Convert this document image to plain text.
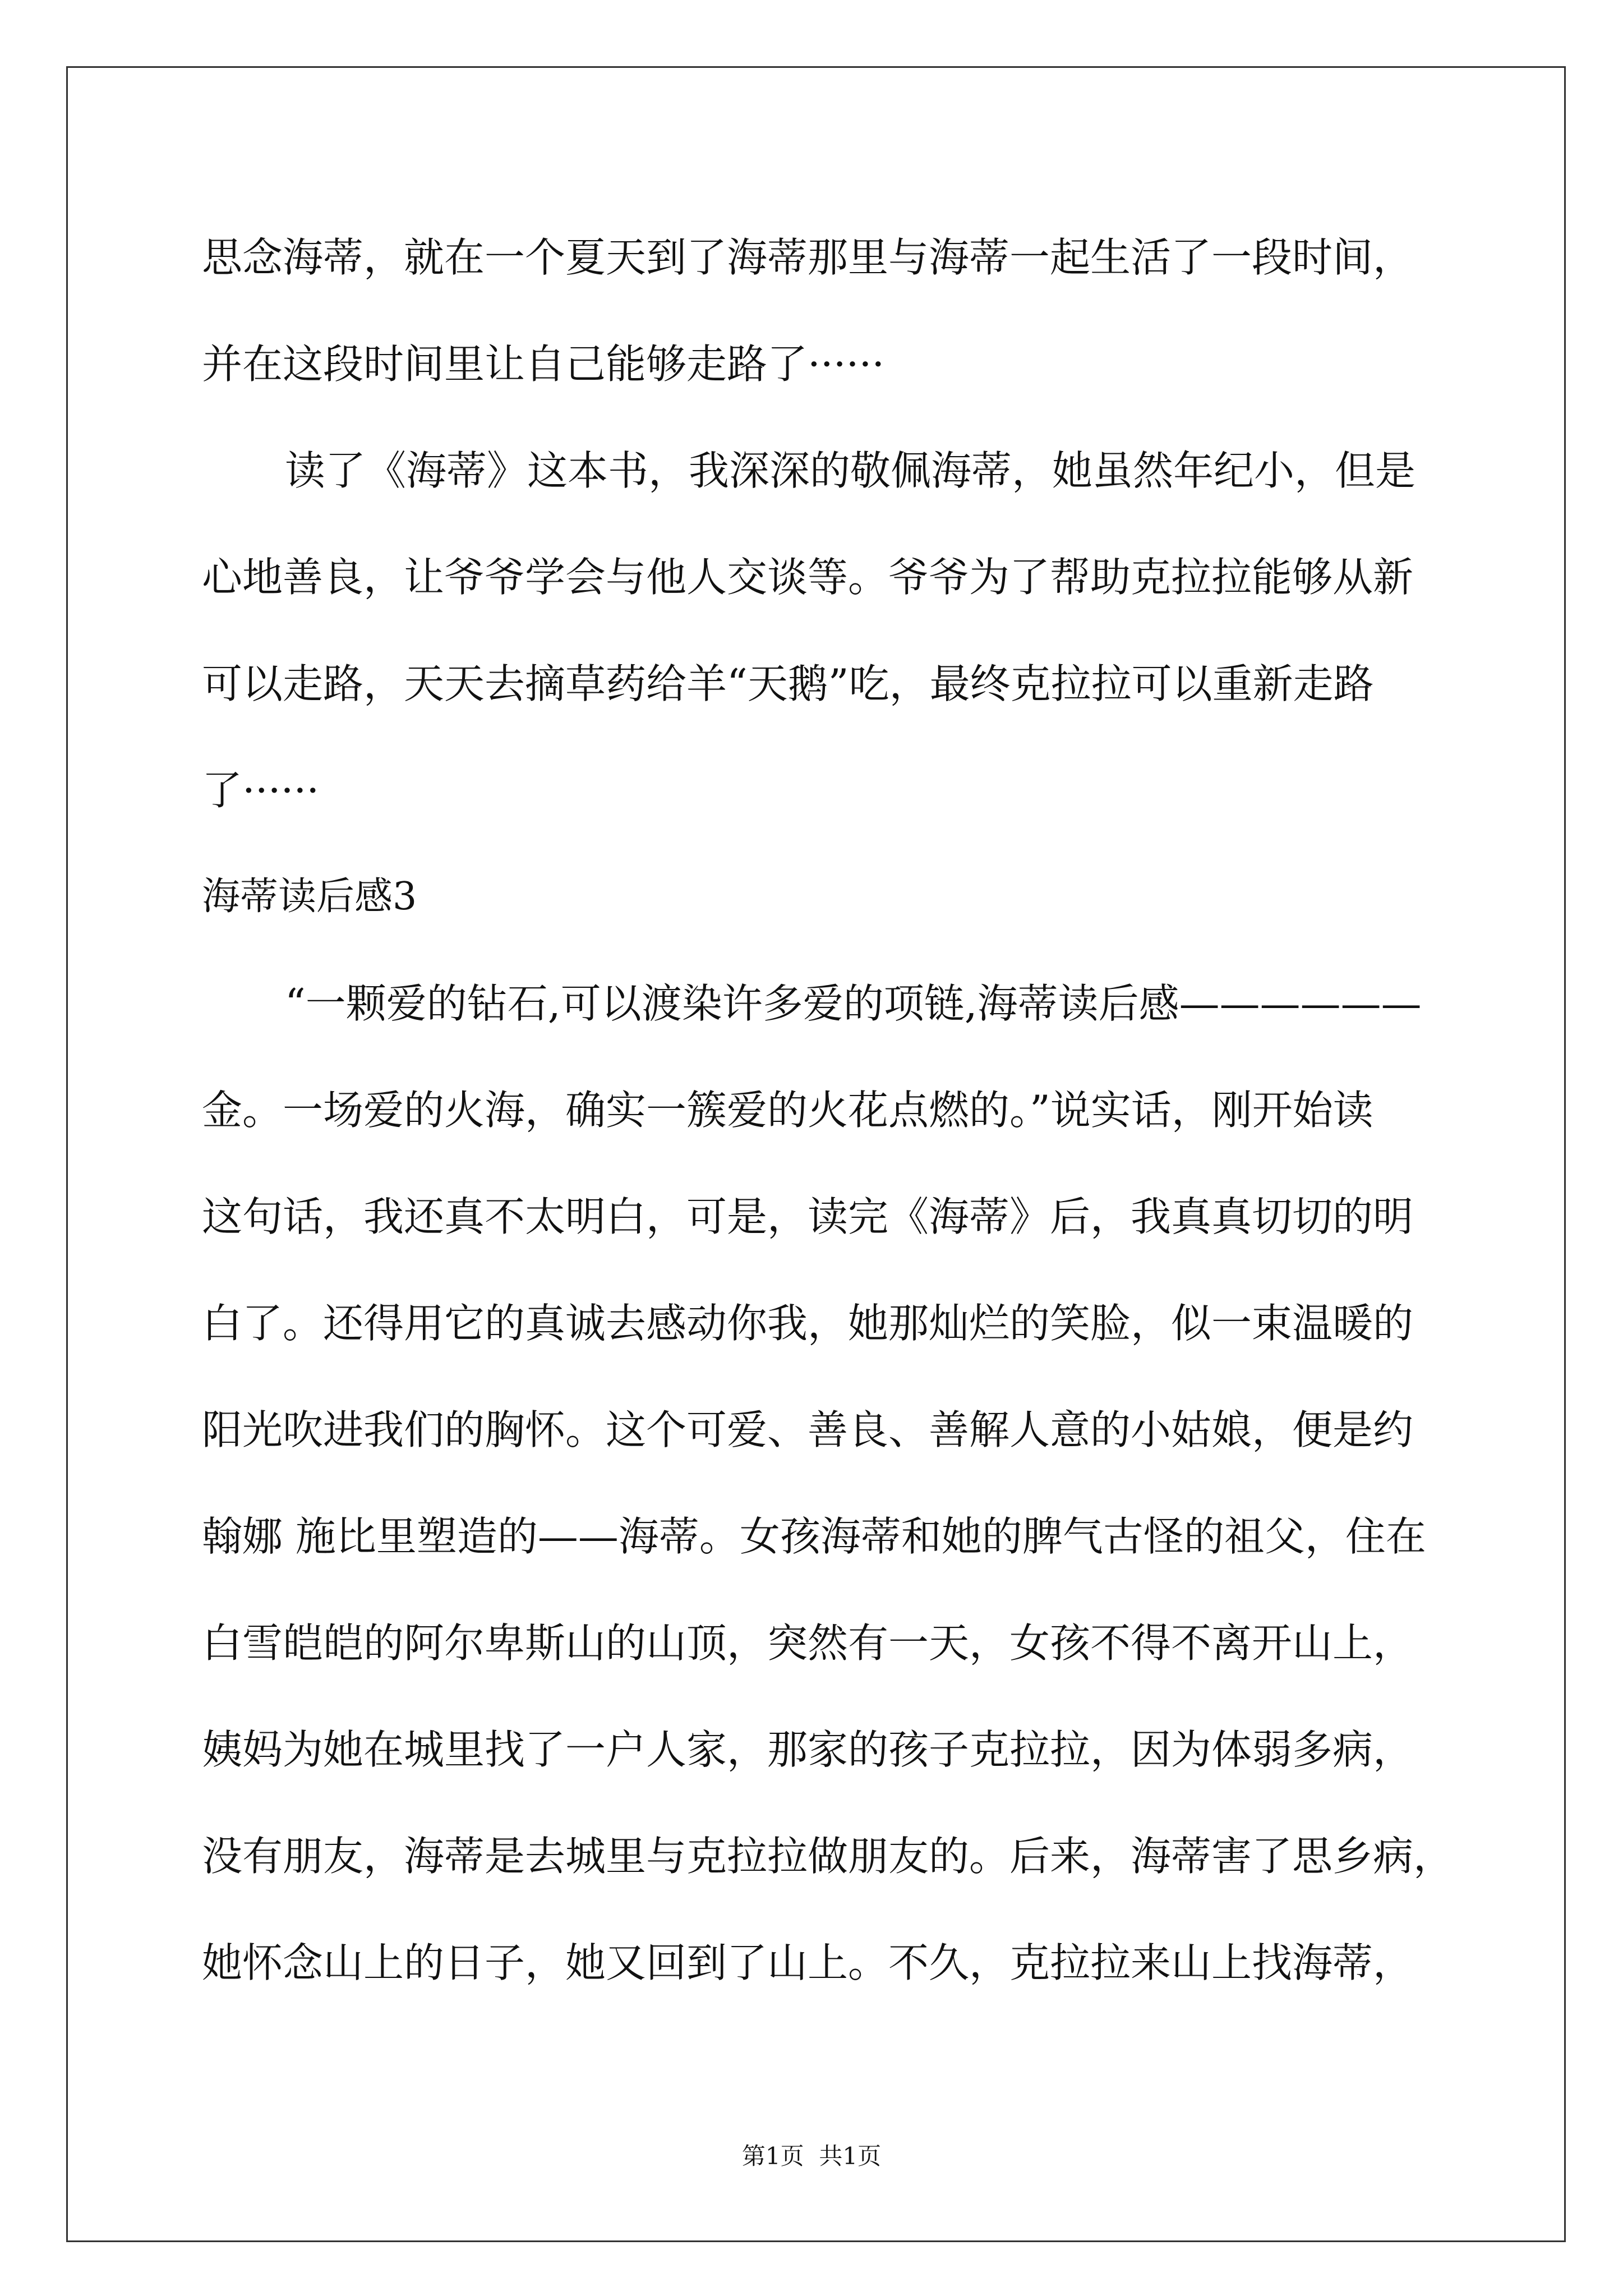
思念海蒂，就在一个夏天到了海蒂那里与海蒂一起生活了一段时间，
并在这段时间里让自己能够走路了······
读了《海蒂》这本书，我深深的敬佩海蒂，她虽然年纪小，但是
心地善良，让爷爷学会与他人交谈等。爷爷为了帮助克拉拉能够从新
可以走路，天天去摘草药给羊“天鹅”吃，最终克拉拉可以重新走路
了······
海蒂读后感3
“一颗爱的钻石,可以渡染许多爱的项链,海蒂读后感——————
金。一场爱的火海，确实一簇爱的火花点燃的。”说实话，刚开始读
这句话，我还真不太明白，可是，读完《海蒂》后，我真真切切的明
白了。还得用它的真诚去感动你我，她那灿烂的笑脸，似一束温暖的
阳光吹进我们的胸怀。这个可爱、善良、善解人意的小姑娘，便是约
翰娜 施比里塑造的——海蒂。女孩海蒂和她的脾气古怪的祖父，住在
白雪皑皑的阿尔卑斯山的山顶，突然有一天，女孩不得不离开山上，
姨妈为她在城里找了一户人家，那家的孩子克拉拉，因为体弱多病，
没有朋友，海蒂是去城里与克拉拉做朋友的。后来，海蒂害了思乡病，
她怀念山上的日子，她又回到了山上。不久，克拉拉来山上找海蒂，
第1页  共1页
